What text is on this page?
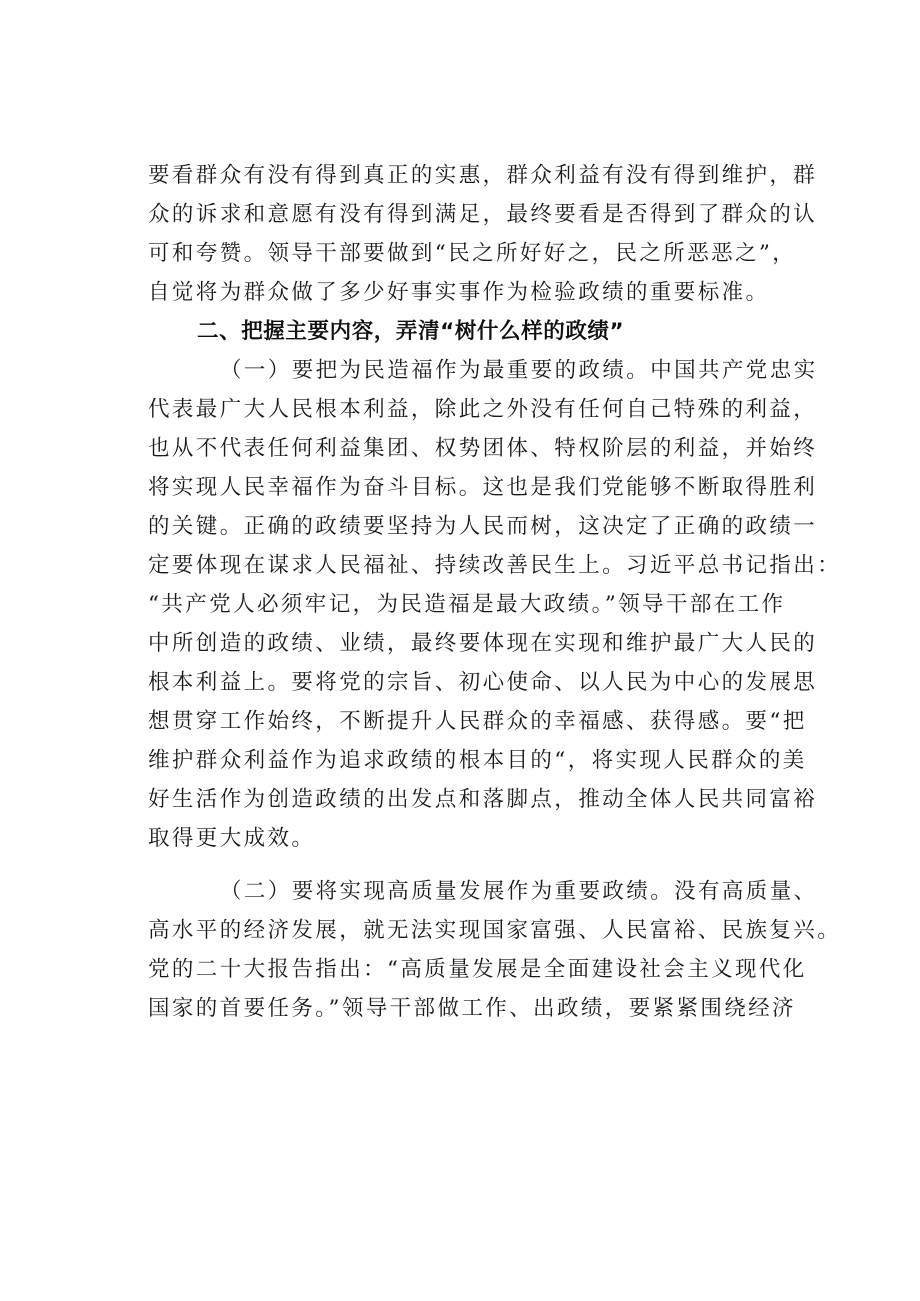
要看群众有没有得到真正的实惠，群众利益有没有得到维护，群
众的诉求和意愿有没有得到满足，最终要看是否得到了群众的认
可和夸赞。领导干部要做到“民之所好好之，民之所恶恶之”，
自觉将为群众做了多少好事实事作为检验政绩的重要标准。
二、把握主要内容，弄清“树什么样的政绩”
（一）要把为民造福作为最重要的政绩。中国共产党忠实
代表最广大人民根本利益，除此之外没有任何自己特殊的利益，
也从不代表任何利益集团、权势团体、特权阶层的利益，并始终
将实现人民幸福作为奋斗目标。这也是我们党能够不断取得胜利
的关键。正确的政绩要坚持为人民而树，这决定了正确的政绩一
定要体现在谋求人民福祉、持续改善民生上。习近平总书记指出：
“共产党人必须牢记，为民造福是最大政绩。”领导干部在工作
中所创造的政绩、业绩，最终要体现在实现和维护最广大人民的
根本利益上。要将党的宗旨、初心使命、以人民为中心的发展思
想贯穿工作始终，不断提升人民群众的幸福感、获得感。要“把
维护群众利益作为追求政绩的根本目的“，将实现人民群众的美
好生活作为创造政绩的出发点和落脚点，推动全体人民共同富裕
取得更大成效。
（二）要将实现高质量发展作为重要政绩。没有高质量、
高水平的经济发展，就无法实现国家富强、人民富裕、民族复兴。
党的二十大报告指出：“高质量发展是全面建设社会主义现代化
国家的首要任务。”领导干部做工作、出政绩，要紧紧围绕经济
